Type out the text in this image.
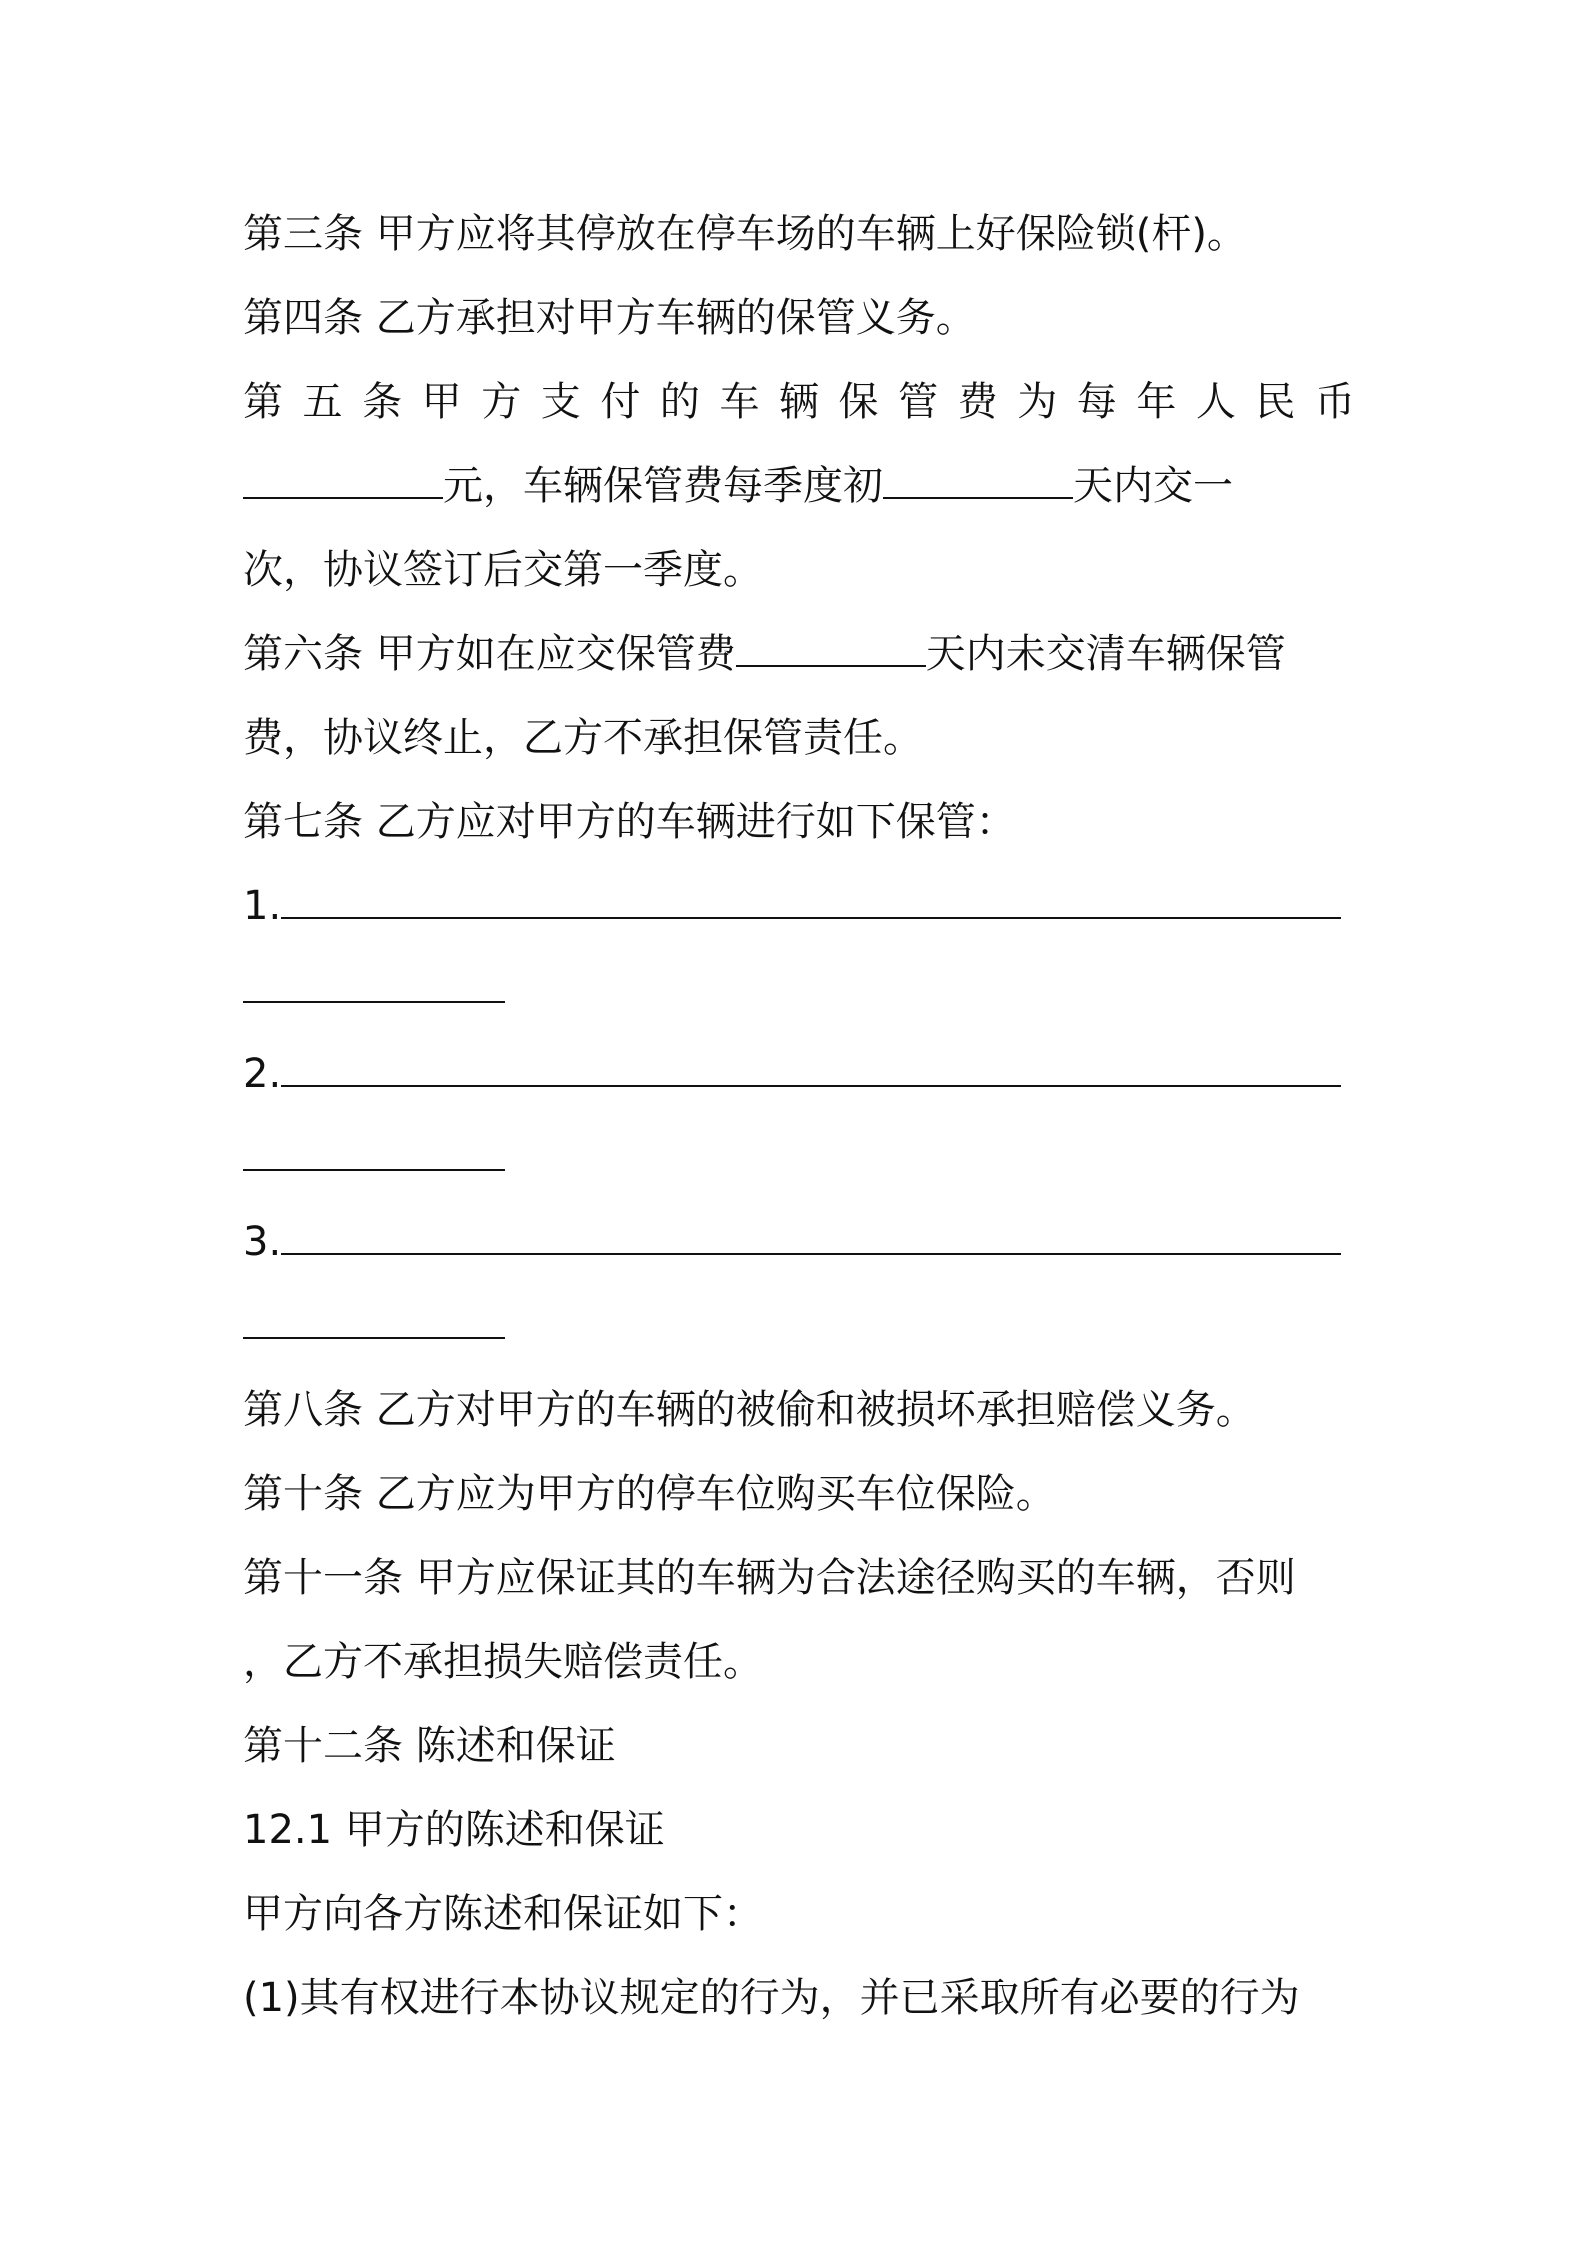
第三条 甲方应将其停放在停车场的车辆上好保险锁(杆)。
第四条 乙方承担对甲方车辆的保管义务。
第 五 条 甲 方 支 付 的 车 辆 保 管 费 为 每 年 人 民 币
元，车辆保管费每季度初	天内交一
次，协议签订后交第一季度。
第六条 甲方如在应交保管费	天内未交清车辆保管
费，协议终止，乙方不承担保管责任。
第七条 乙方应对甲方的车辆进行如下保管：
1.
2.
3.
第八条 乙方对甲方的车辆的被偷和被损坏承担赔偿义务。
第十条 乙方应为甲方的停车位购买车位保险。
第十一条 甲方应保证其的车辆为合法途径购买的车辆，否则
，乙方不承担损失赔偿责任。
第十二条 陈述和保证
12.1 甲方的陈述和保证
甲方向各方陈述和保证如下：
(1)其有权进行本协议规定的行为，并已采取所有必要的行为
